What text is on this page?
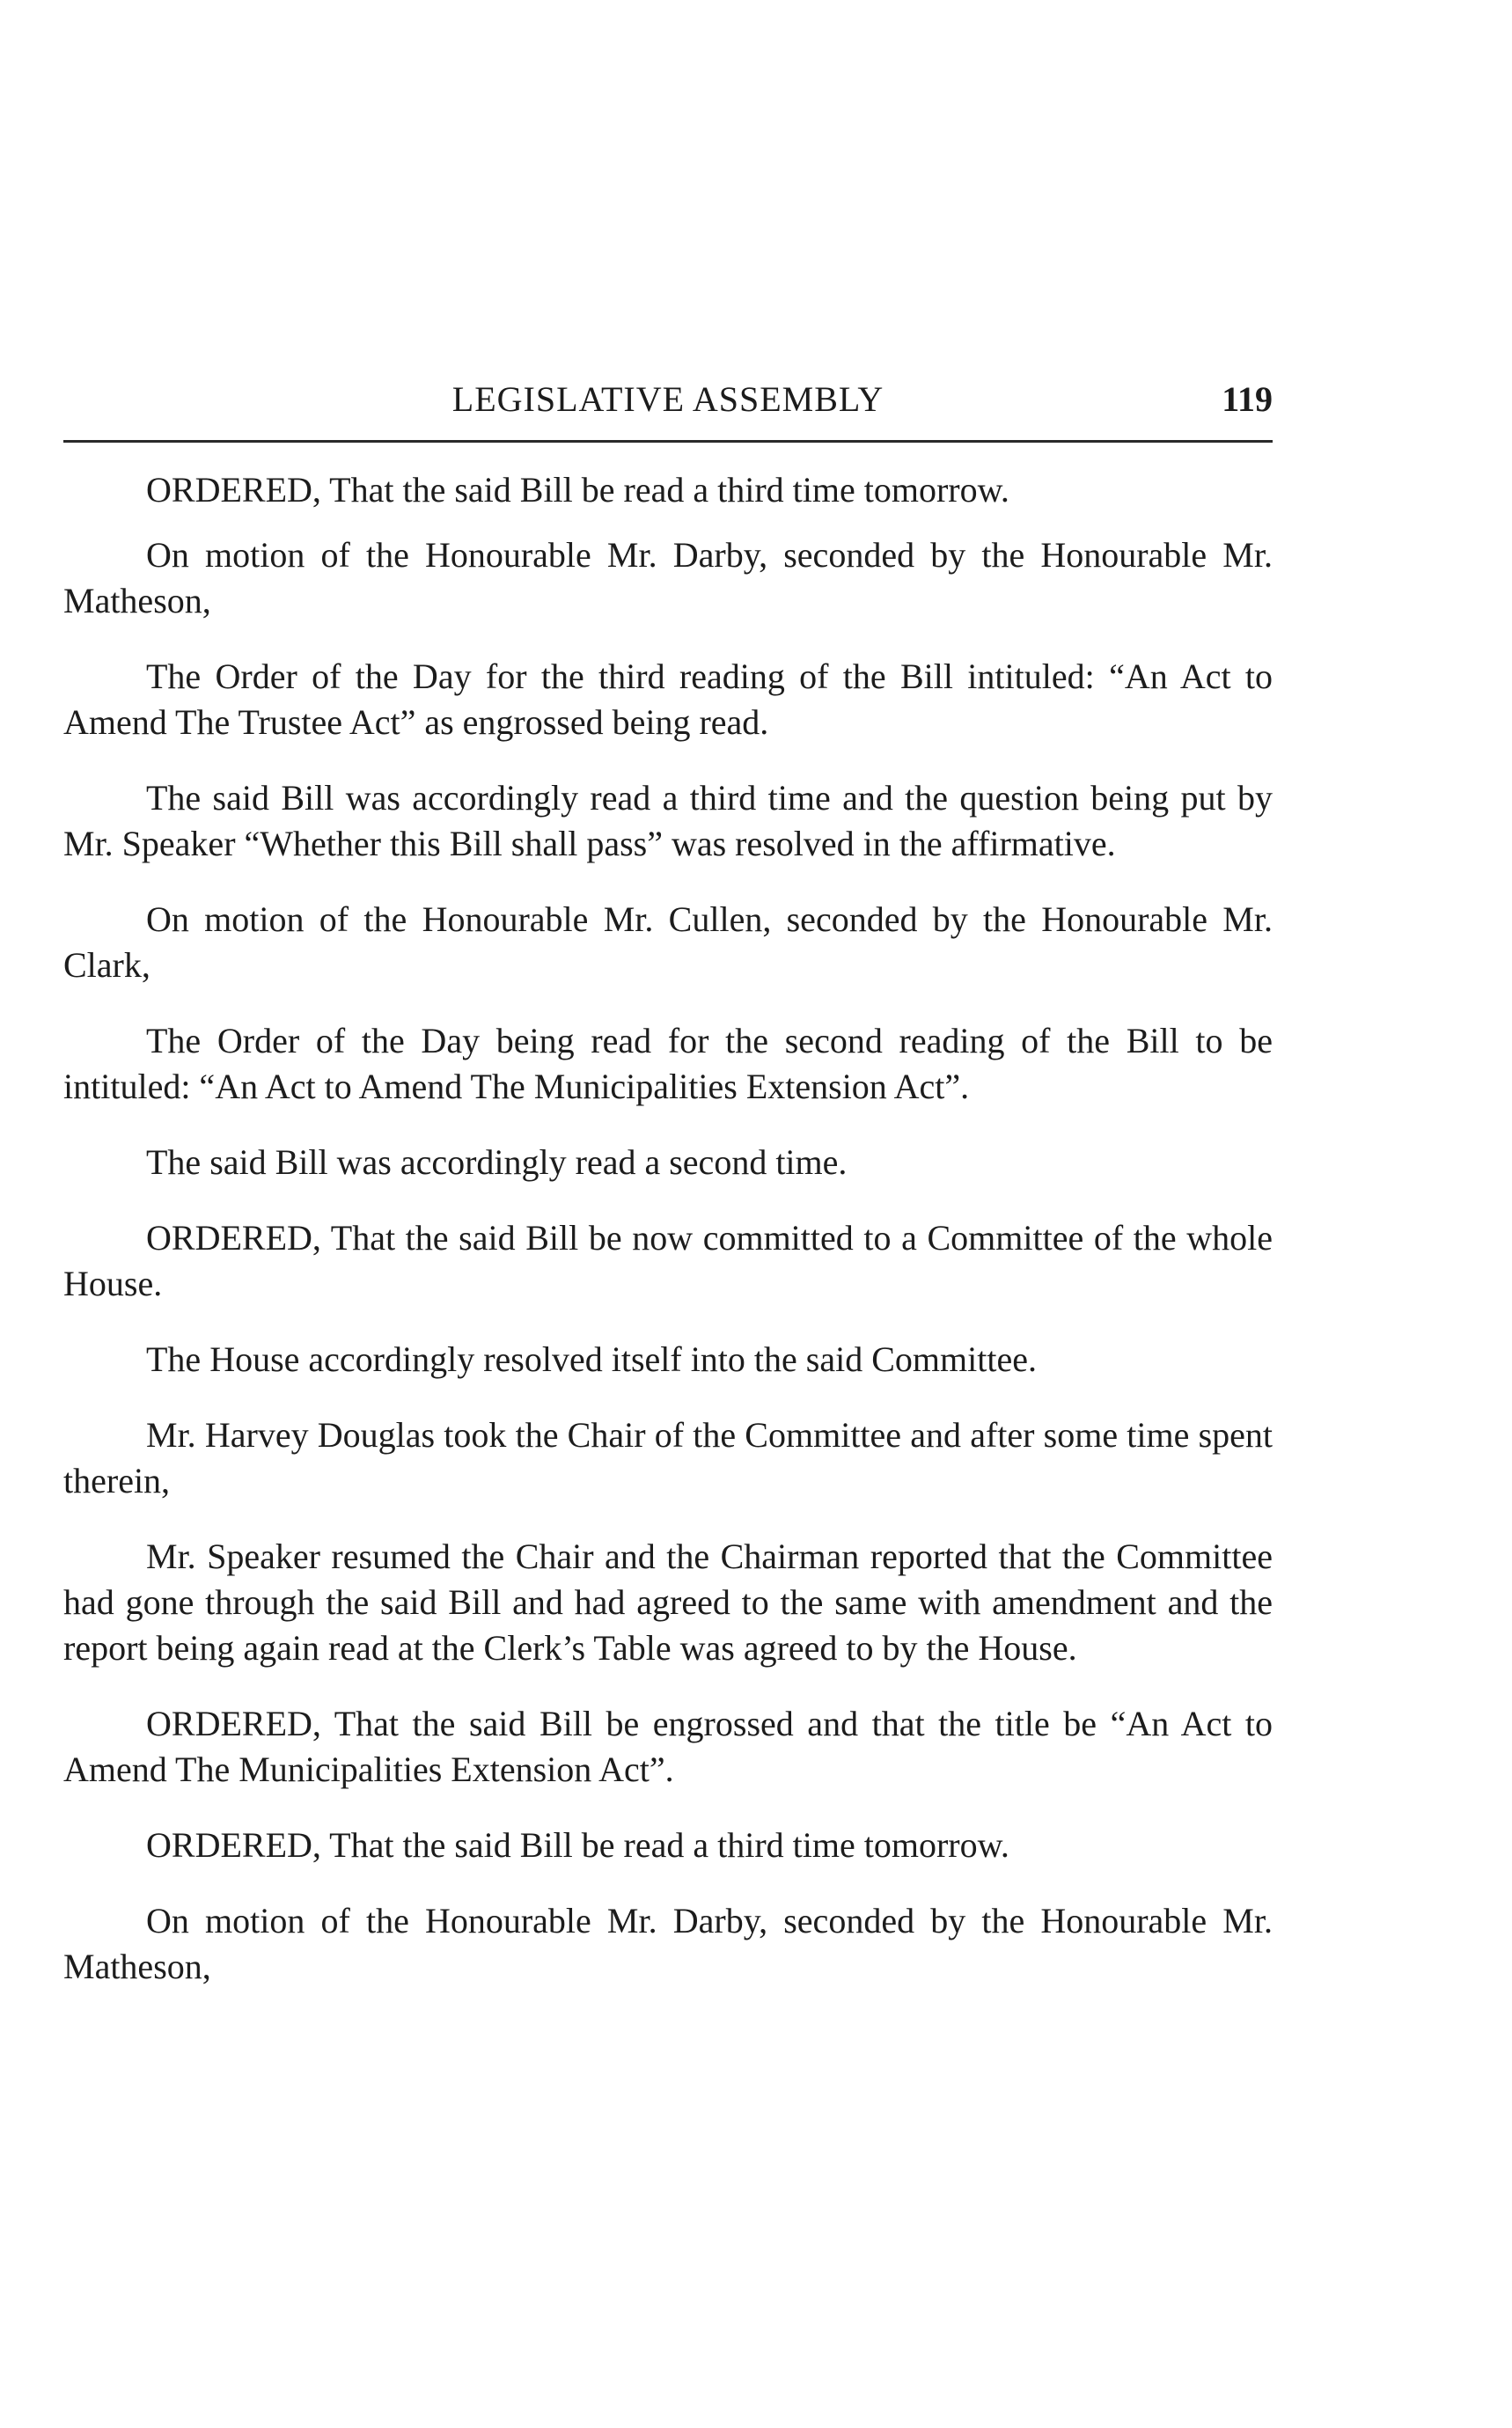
LEGISLATIVE ASSEMBLY	119

ORDERED, That the said Bill be read a third time tomorrow.

On motion of the Honourable Mr. Darby, seconded by the Honourable Mr. Matheson,

The Order of the Day for the third reading of the Bill intituled: “An Act to Amend The Trustee Act” as engrossed being read.

The said Bill was accordingly read a third time and the question being put by Mr. Speaker “Whether this Bill shall pass” was resolved in the affirmative.

On motion of the Honourable Mr. Cullen, seconded by the Honourable Mr. Clark,

The Order of the Day being read for the second reading of the Bill to be intituled: “An Act to Amend The Municipalities Extension Act”.

The said Bill was accordingly read a second time.

ORDERED, That the said Bill be now committed to a Committee of the whole House.

The House accordingly resolved itself into the said Committee.

Mr. Harvey Douglas took the Chair of the Committee and after some time spent therein,

Mr. Speaker resumed the Chair and the Chairman reported that the Committee had gone through the said Bill and had agreed to the same with amendment and the report being again read at the Clerk’s Table was agreed to by the House.

ORDERED, That the said Bill be engrossed and that the title be “An Act to Amend The Municipalities Extension Act”.

ORDERED, That the said Bill be read a third time tomorrow.

On motion of the Honourable Mr. Darby, seconded by the Honourable Mr. Matheson,
